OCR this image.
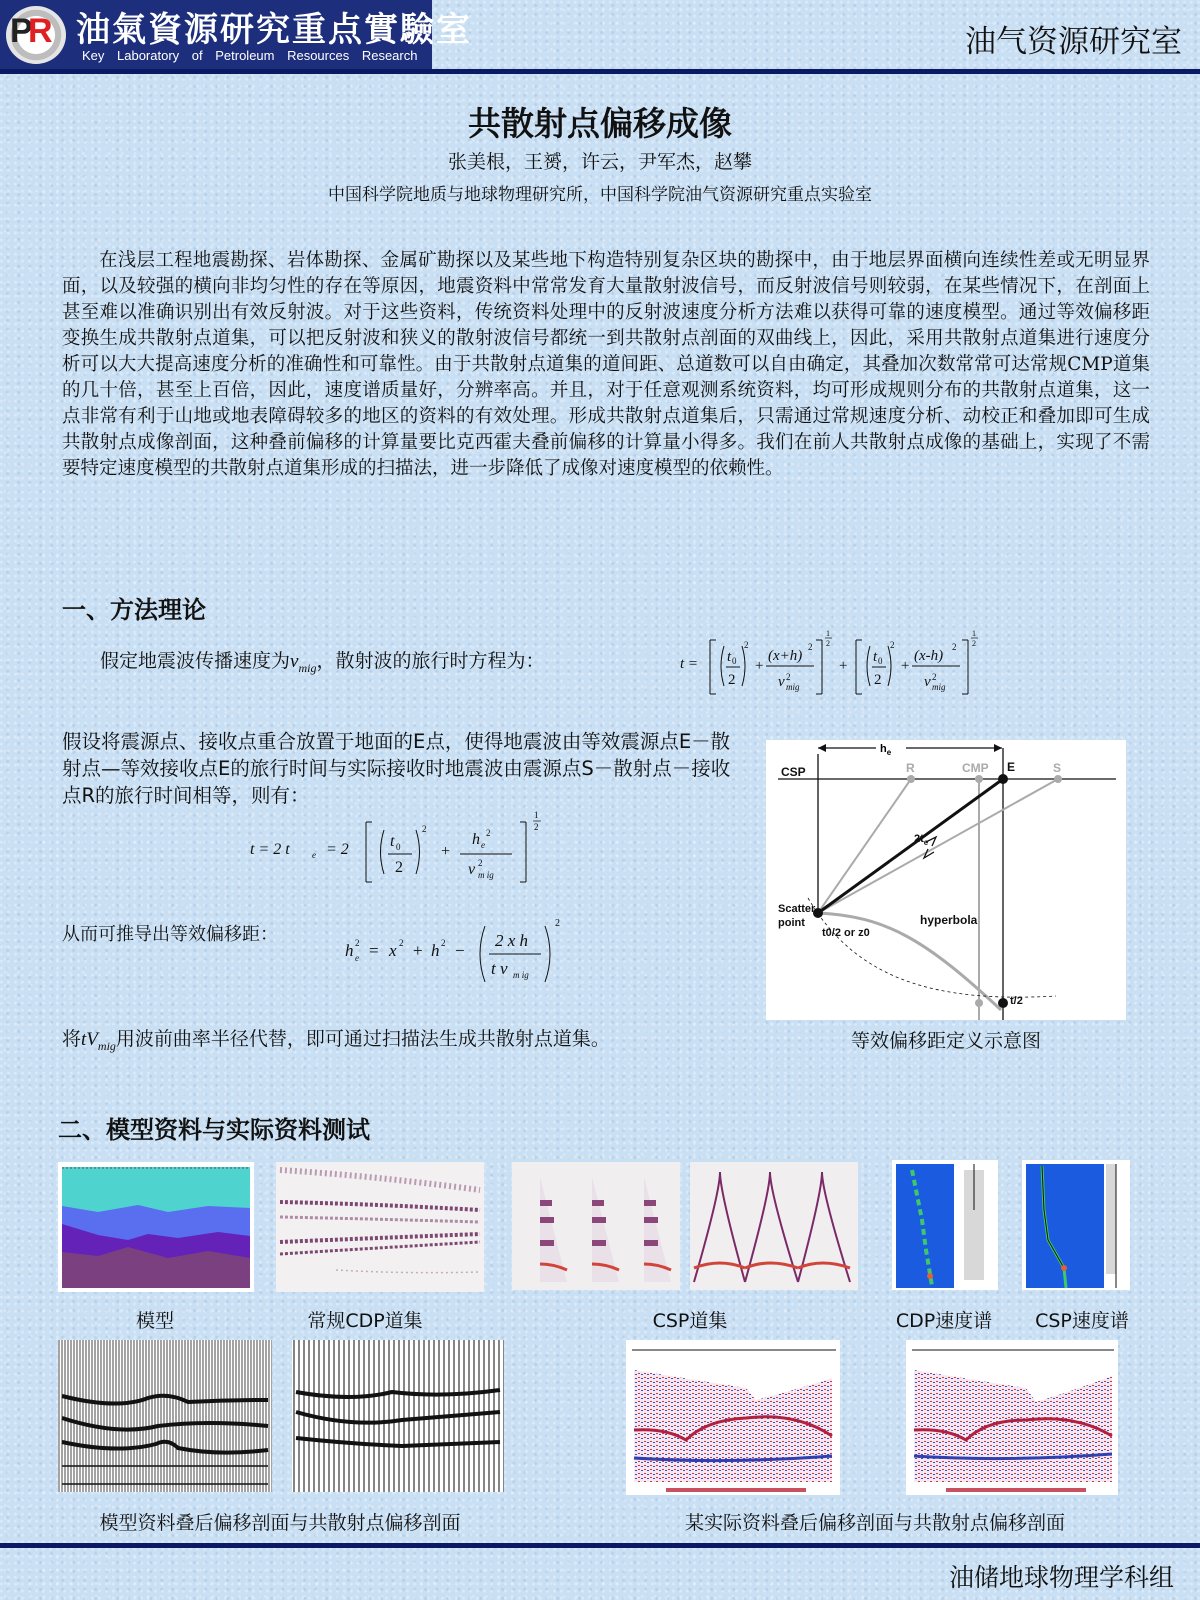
P R 油氣資源研究重点實驗室
Key Laboratory of Petroleum Resources Research	油气资源研究室
共散射点偏移成像
张美根，王赟，许云，尹军杰，赵攀
中国科学院地质与地球物理研究所，中国科学院油气资源研究重点实验室

在浅层工程地震勘探、岩体勘探、金属矿勘探以及某些地下构造特别复杂区块的勘探中，由于地层界面横向连续性差或无明显界面，以及较强的横向非均匀性的存在等原因，地震资料中常常发育大量散射波信号，而反射波信号则较弱，在某些情况下，在剖面上甚至难以准确识别出有效反射波。对于这些资料，传统资料处理中的反射波速度分析方法难以获得可靠的速度模型。通过等效偏移距变换生成共散射点道集，可以把反射波和狭义的散射波信号都统一到共散射点剖面的双曲线上，因此，采用共散射点道集进行速度分析可以大大提高速度分析的准确性和可靠性。由于共散射点道集的道间距、总道数可以自由确定，其叠加次数常常可达常规CMP道集的几十倍，甚至上百倍，因此，速度谱质量好，分辨率高。并且，对于任意观测系统资料，均可形成规则分布的共散射点道集，这一点非常有利于山地或地表障碍较多的地区的资料的有效处理。形成共散射点道集后，只需通过常规速度分析、动校正和叠加即可生成共散射点成像剖面，这种叠前偏移的计算量要比克西霍夫叠前偏移的计算量小得多。我们在前人共散射点成像的基础上，实现了不需要特定速度模型的共散射点道集形成的扫描法，进一步降低了成像对速度模型的依赖性。

一、方法理论
假定地震波传播速度为$v_{mig}$，散射波的旅行时方程为：	t = t 0
2
2
+
(x+h)
2
v 2
mig
1
2
+
t 0
2
2
+
(x-h)
2
v 2
mig
1
2

假设将震源点、接收点重合放置于地面的E点，使得地震波由等效震源点E－散射点—等效接收点E的旅行时间与实际接收时地震波由震源点S－散射点－接收点R的旅行时间相等，则有：

t = 2 t e = 2	t 0
2
2
+
h e
2
v 2
m ig
1
2
从而可推导出等效偏移距：
h e
2 = x 2 + h 2 −
2 x h
t v m ig
2
将$tV_{mig}$用波前曲率半径代替，即可通过扫描法生成共散射点道集。
$h_e$
CSP	R	CMP E	S
$2t_e$
Scatter
point
t0/2 or z0
hyperbola
t/2
等效偏移距定义示意图
二、模型资料与实际资料测试
模型	常规CDP道集	CSP道集	CDP速度谱	CSP速度谱
模型资料叠后偏移剖面与共散射点偏移剖面	某实际资料叠后偏移剖面与共散射点偏移剖面
油储地球物理学科组
